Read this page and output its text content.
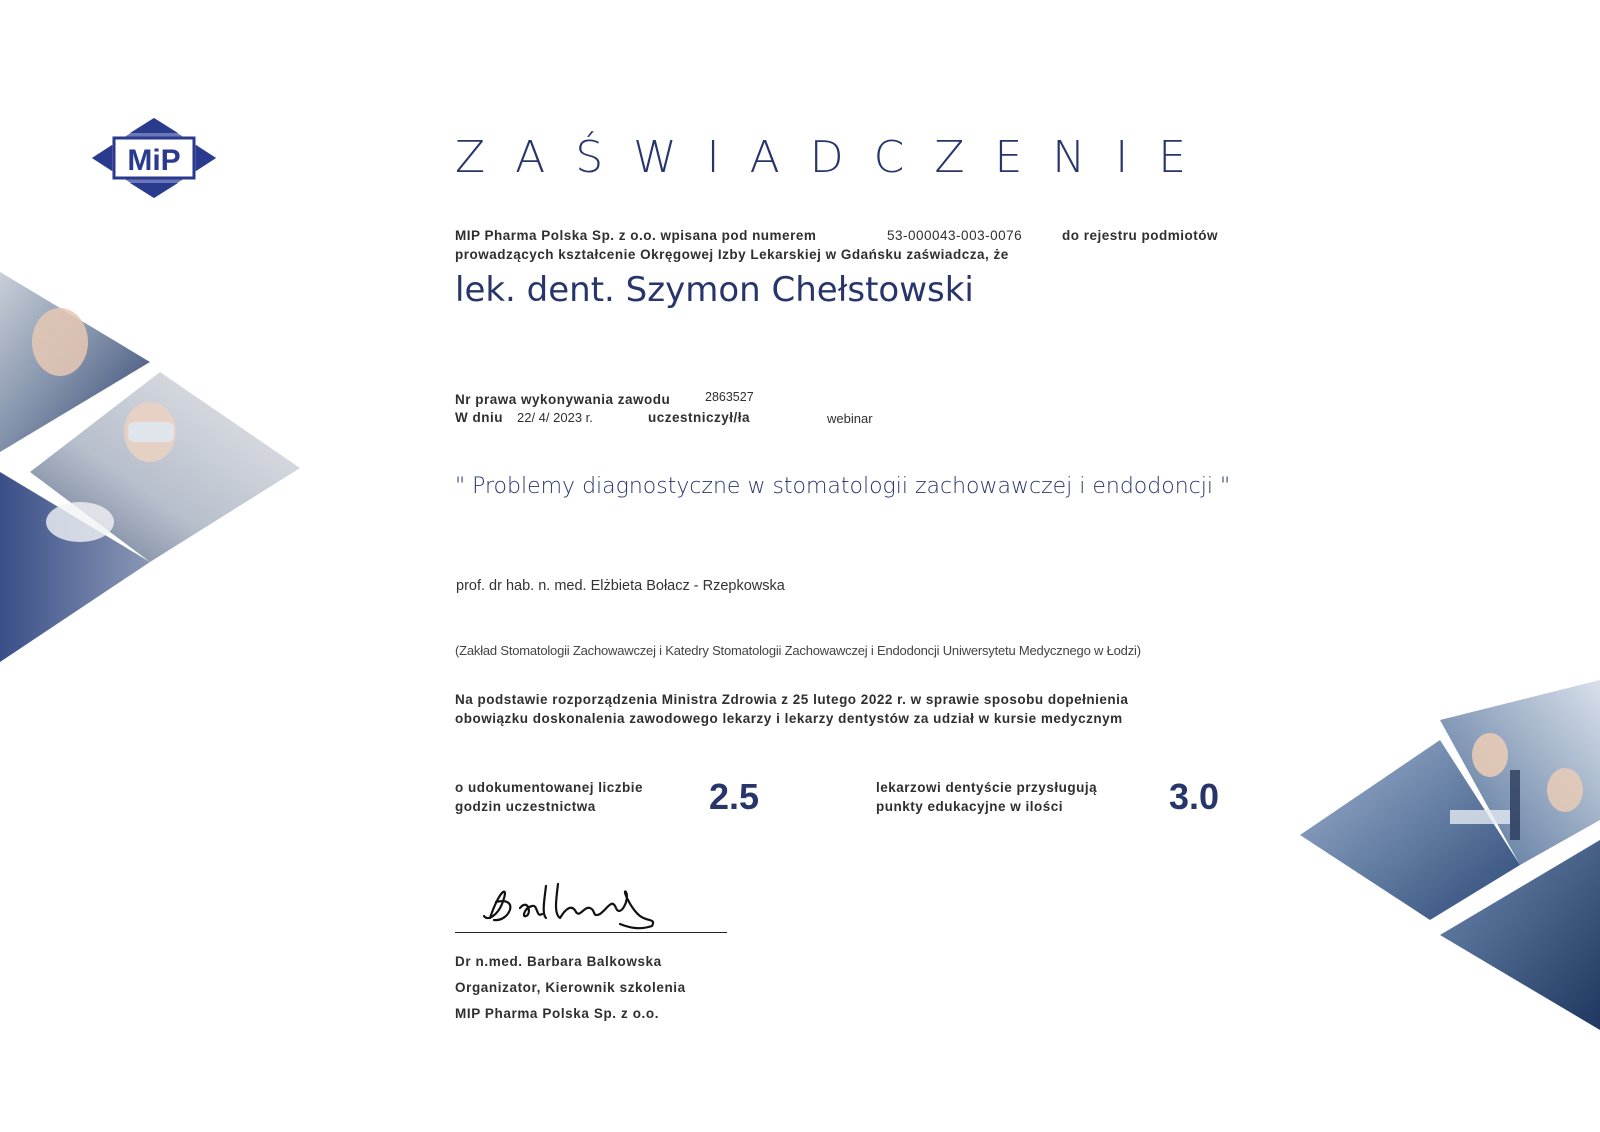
MiP	ZAŚWIADCZENIE
MIP Pharma Polska Sp. z o.o. wpisana pod numerem	53-000043-003-0076	do rejestru podmiotów
prowadzących kształcenie Okręgowej Izby Lekarskiej w Gdańsku zaświadcza, że
lek. dent. Szymon Chełstowski
Nr prawa wykonywania zawodu	2863527
W dniu 22/ 4/ 2023 r.	uczestniczył/ła	webinar
" Problemy diagnostyczne w stomatologii zachowawczej i endodoncji "
prof. dr hab. n. med. Elżbieta Bołacz - Rzepkowska
(Zakład Stomatologii Zachowawczej i Katedry Stomatologii Zachowawczej i Endodoncji Uniwersytetu Medycznego w Łodzi)
Na podstawie rozporządzenia Ministra Zdrowia z 25 lutego 2022 r. w sprawie sposobu dopełnienia
obowiązku doskonalenia zawodowego lekarzy i lekarzy dentystów za udział w kursie medycznym
o udokumentowanej liczbie
godzin uczestnictwa	2.5	lekarzowi dentyście przysługują
punkty edukacyjne w ilości	3.0
Dr n.med. Barbara Balkowska
Organizator, Kierownik szkolenia
MIP Pharma Polska Sp. z o.o.
